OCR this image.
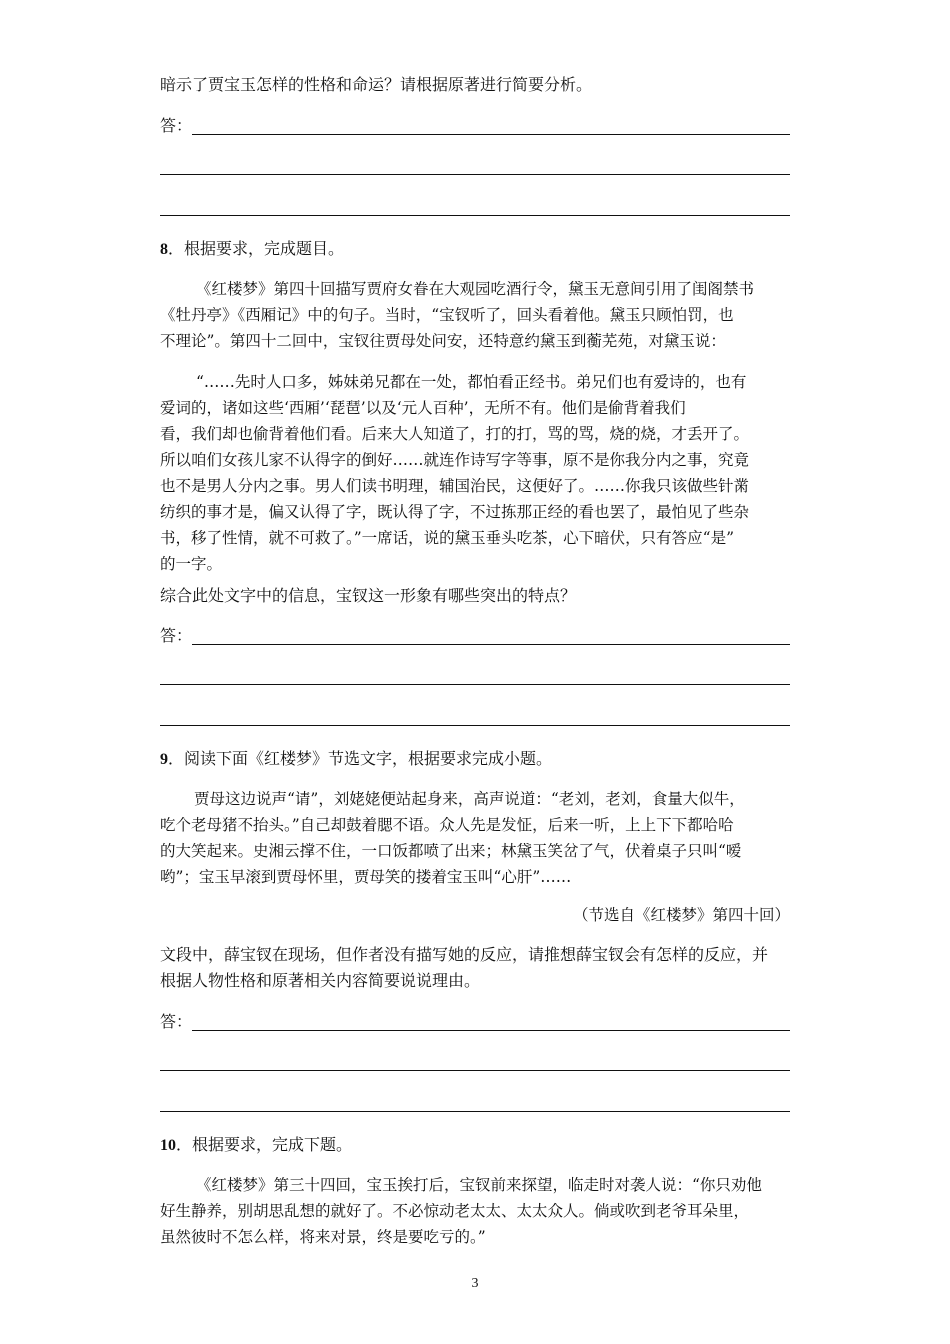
暗示了贾宝玉怎样的性格和命运？请根据原著进行简要分析。
答：
8．根据要求，完成题目。
《红楼梦》第四十回描写贾府女眷在大观园吃酒行令，黛玉无意间引用了闺阁禁书
《牡丹亭》《西厢记》中的句子。当时，“宝钗听了，回头看着他。黛玉只顾怕罚，也
不理论”。第四十二回中，宝钗往贾母处问安，还特意约黛玉到蘅芜苑，对黛玉说：
“……先时人口多，姊妹弟兄都在一处，都怕看正经书。弟兄们也有爱诗的，也有
爱词的，诸如这些‘西厢’‘琵琶’以及‘元人百种’，无所不有。他们是偷背着我们
看，我们却也偷背着他们看。后来大人知道了，打的打，骂的骂，烧的烧，才丢开了。
所以咱们女孩儿家不认得字的倒好……就连作诗写字等事，原不是你我分内之事，究竟
也不是男人分内之事。男人们读书明理，辅国治民，这便好了。……你我只该做些针黹
纺织的事才是，偏又认得了字，既认得了字，不过拣那正经的看也罢了，最怕见了些杂
书，移了性情，就不可救了。”一席话，说的黛玉垂头吃茶，心下暗伏，只有答应“是”
的一字。
综合此处文字中的信息，宝钗这一形象有哪些突出的特点？
答：
9．阅读下面《红楼梦》节选文字，根据要求完成小题。
贾母这边说声“请”，刘姥姥便站起身来，高声说道：“老刘，老刘，食量大似牛，
吃个老母猪不抬头。”自己却鼓着腮不语。众人先是发怔，后来一听，上上下下都哈哈
的大笑起来。史湘云撑不住，一口饭都喷了出来；林黛玉笑岔了气，伏着桌子只叫“嗳
哟”；宝玉早滚到贾母怀里，贾母笑的搂着宝玉叫“心肝”……
（节选自《红楼梦》第四十回）
文段中，薛宝钗在现场，但作者没有描写她的反应，请推想薛宝钗会有怎样的反应，并
根据人物性格和原著相关内容简要说说理由。
答：
10．根据要求，完成下题。
《红楼梦》第三十四回，宝玉挨打后，宝钗前来探望，临走时对袭人说：“你只劝他
好生静养，别胡思乱想的就好了。不必惊动老太太、太太众人。倘或吹到老爷耳朵里，
虽然彼时不怎么样，将来对景，终是要吃亏的。”
3
